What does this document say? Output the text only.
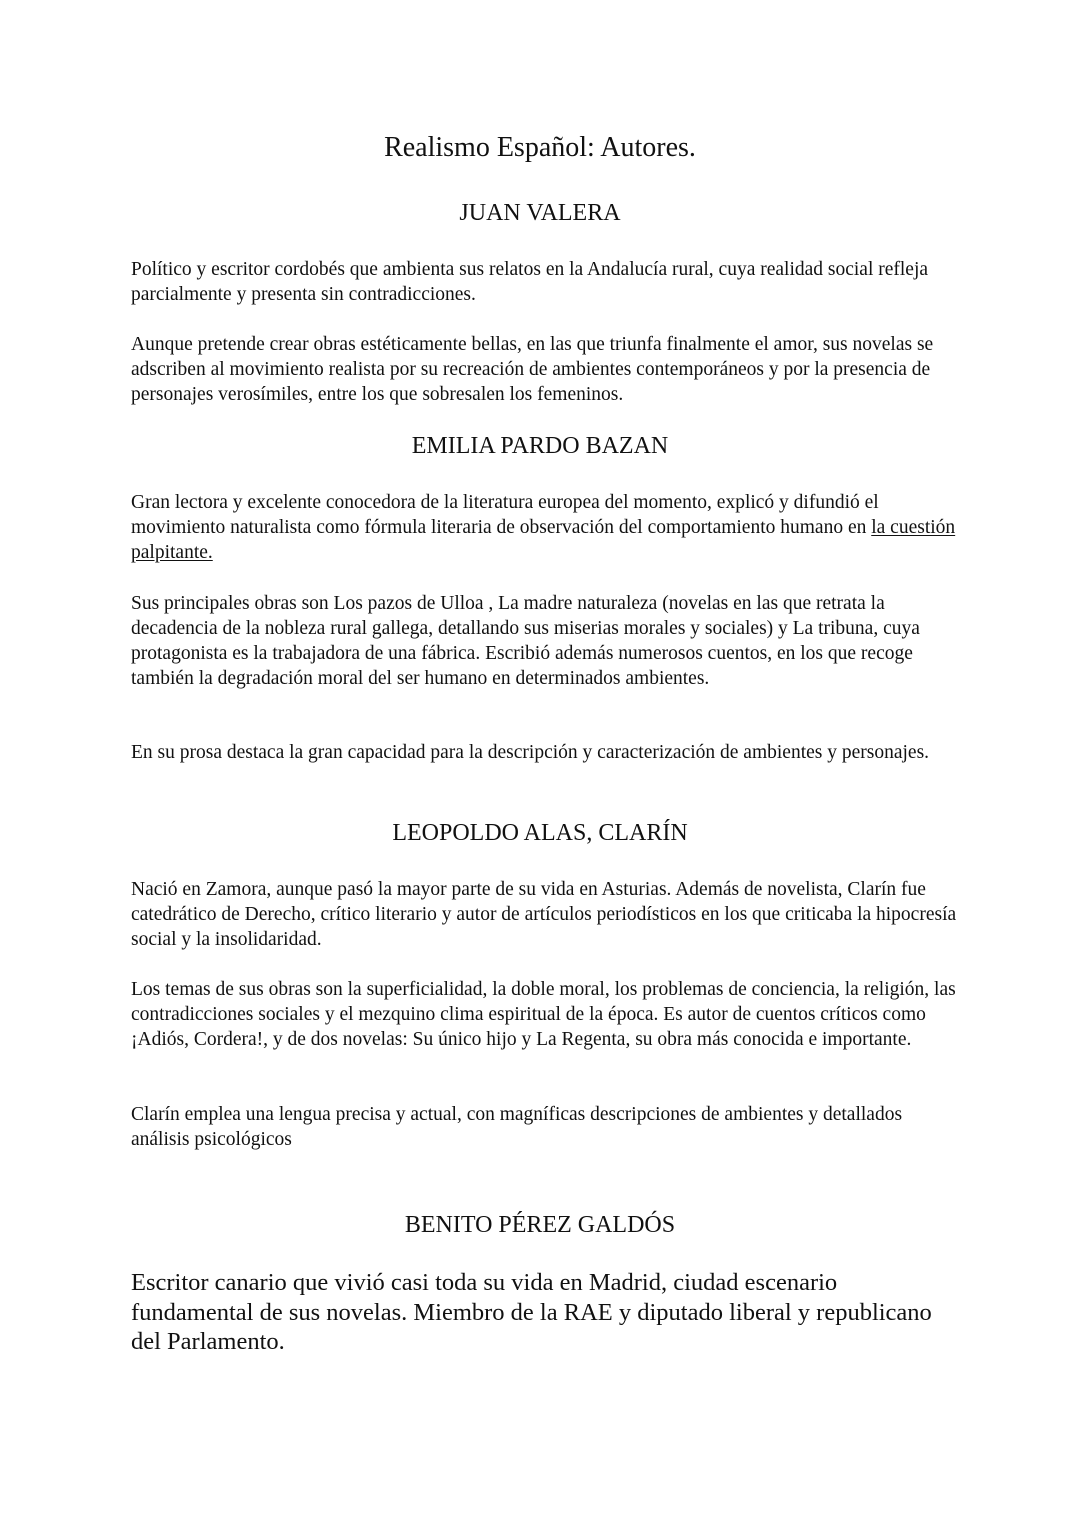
Realismo Español: Autores.
JUAN VALERA

Político y escritor cordobés que ambienta sus relatos en la Andalucía rural, cuya realidad social refleja parcialmente y presenta sin contradicciones.

Aunque pretende crear obras estéticamente bellas, en las que triunfa finalmente el amor, sus novelas se adscriben al movimiento realista por su recreación de ambientes contemporáneos y por la presencia de personajes verosímiles, entre los que sobresalen los femeninos.

EMILIA PARDO BAZAN

Gran lectora y excelente conocedora de la literatura europea del momento, explicó y difundió el movimiento naturalista como fórmula literaria de observación del comportamiento humano en la cuestión palpitante.

Sus principales obras son Los pazos de Ulloa , La madre naturaleza (novelas en las que retrata la decadencia de la nobleza rural gallega, detallando sus miserias morales y sociales) y La tribuna, cuya protagonista es la trabajadora de una fábrica. Escribió además numerosos cuentos, en los que recoge también la degradación moral del ser humano en determinados ambientes.

En su prosa destaca la gran capacidad para la descripción y caracterización de ambientes y personajes.

LEOPOLDO ALAS, CLARÍN

Nació en Zamora, aunque pasó la mayor parte de su vida en Asturias. Además de novelista, Clarín fue catedrático de Derecho, crítico literario y autor de artículos periodísticos en los que criticaba la hipocresía social y la insolidaridad.

Los temas de sus obras son la superficialidad, la doble moral, los problemas de conciencia, la religión, las contradicciones sociales y el mezquino clima espiritual de la época. Es autor de cuentos críticos como ¡Adiós, Cordera!, y de dos novelas: Su único hijo y La Regenta, su obra más conocida e importante.

Clarín emplea una lengua precisa y actual, con magníficas descripciones de ambientes y detallados análisis psicológicos

BENITO PÉREZ GALDÓS

Escritor canario que vivió casi toda su vida en Madrid, ciudad escenario fundamental de sus novelas. Miembro de la RAE y diputado liberal y republicano del Parlamento.
